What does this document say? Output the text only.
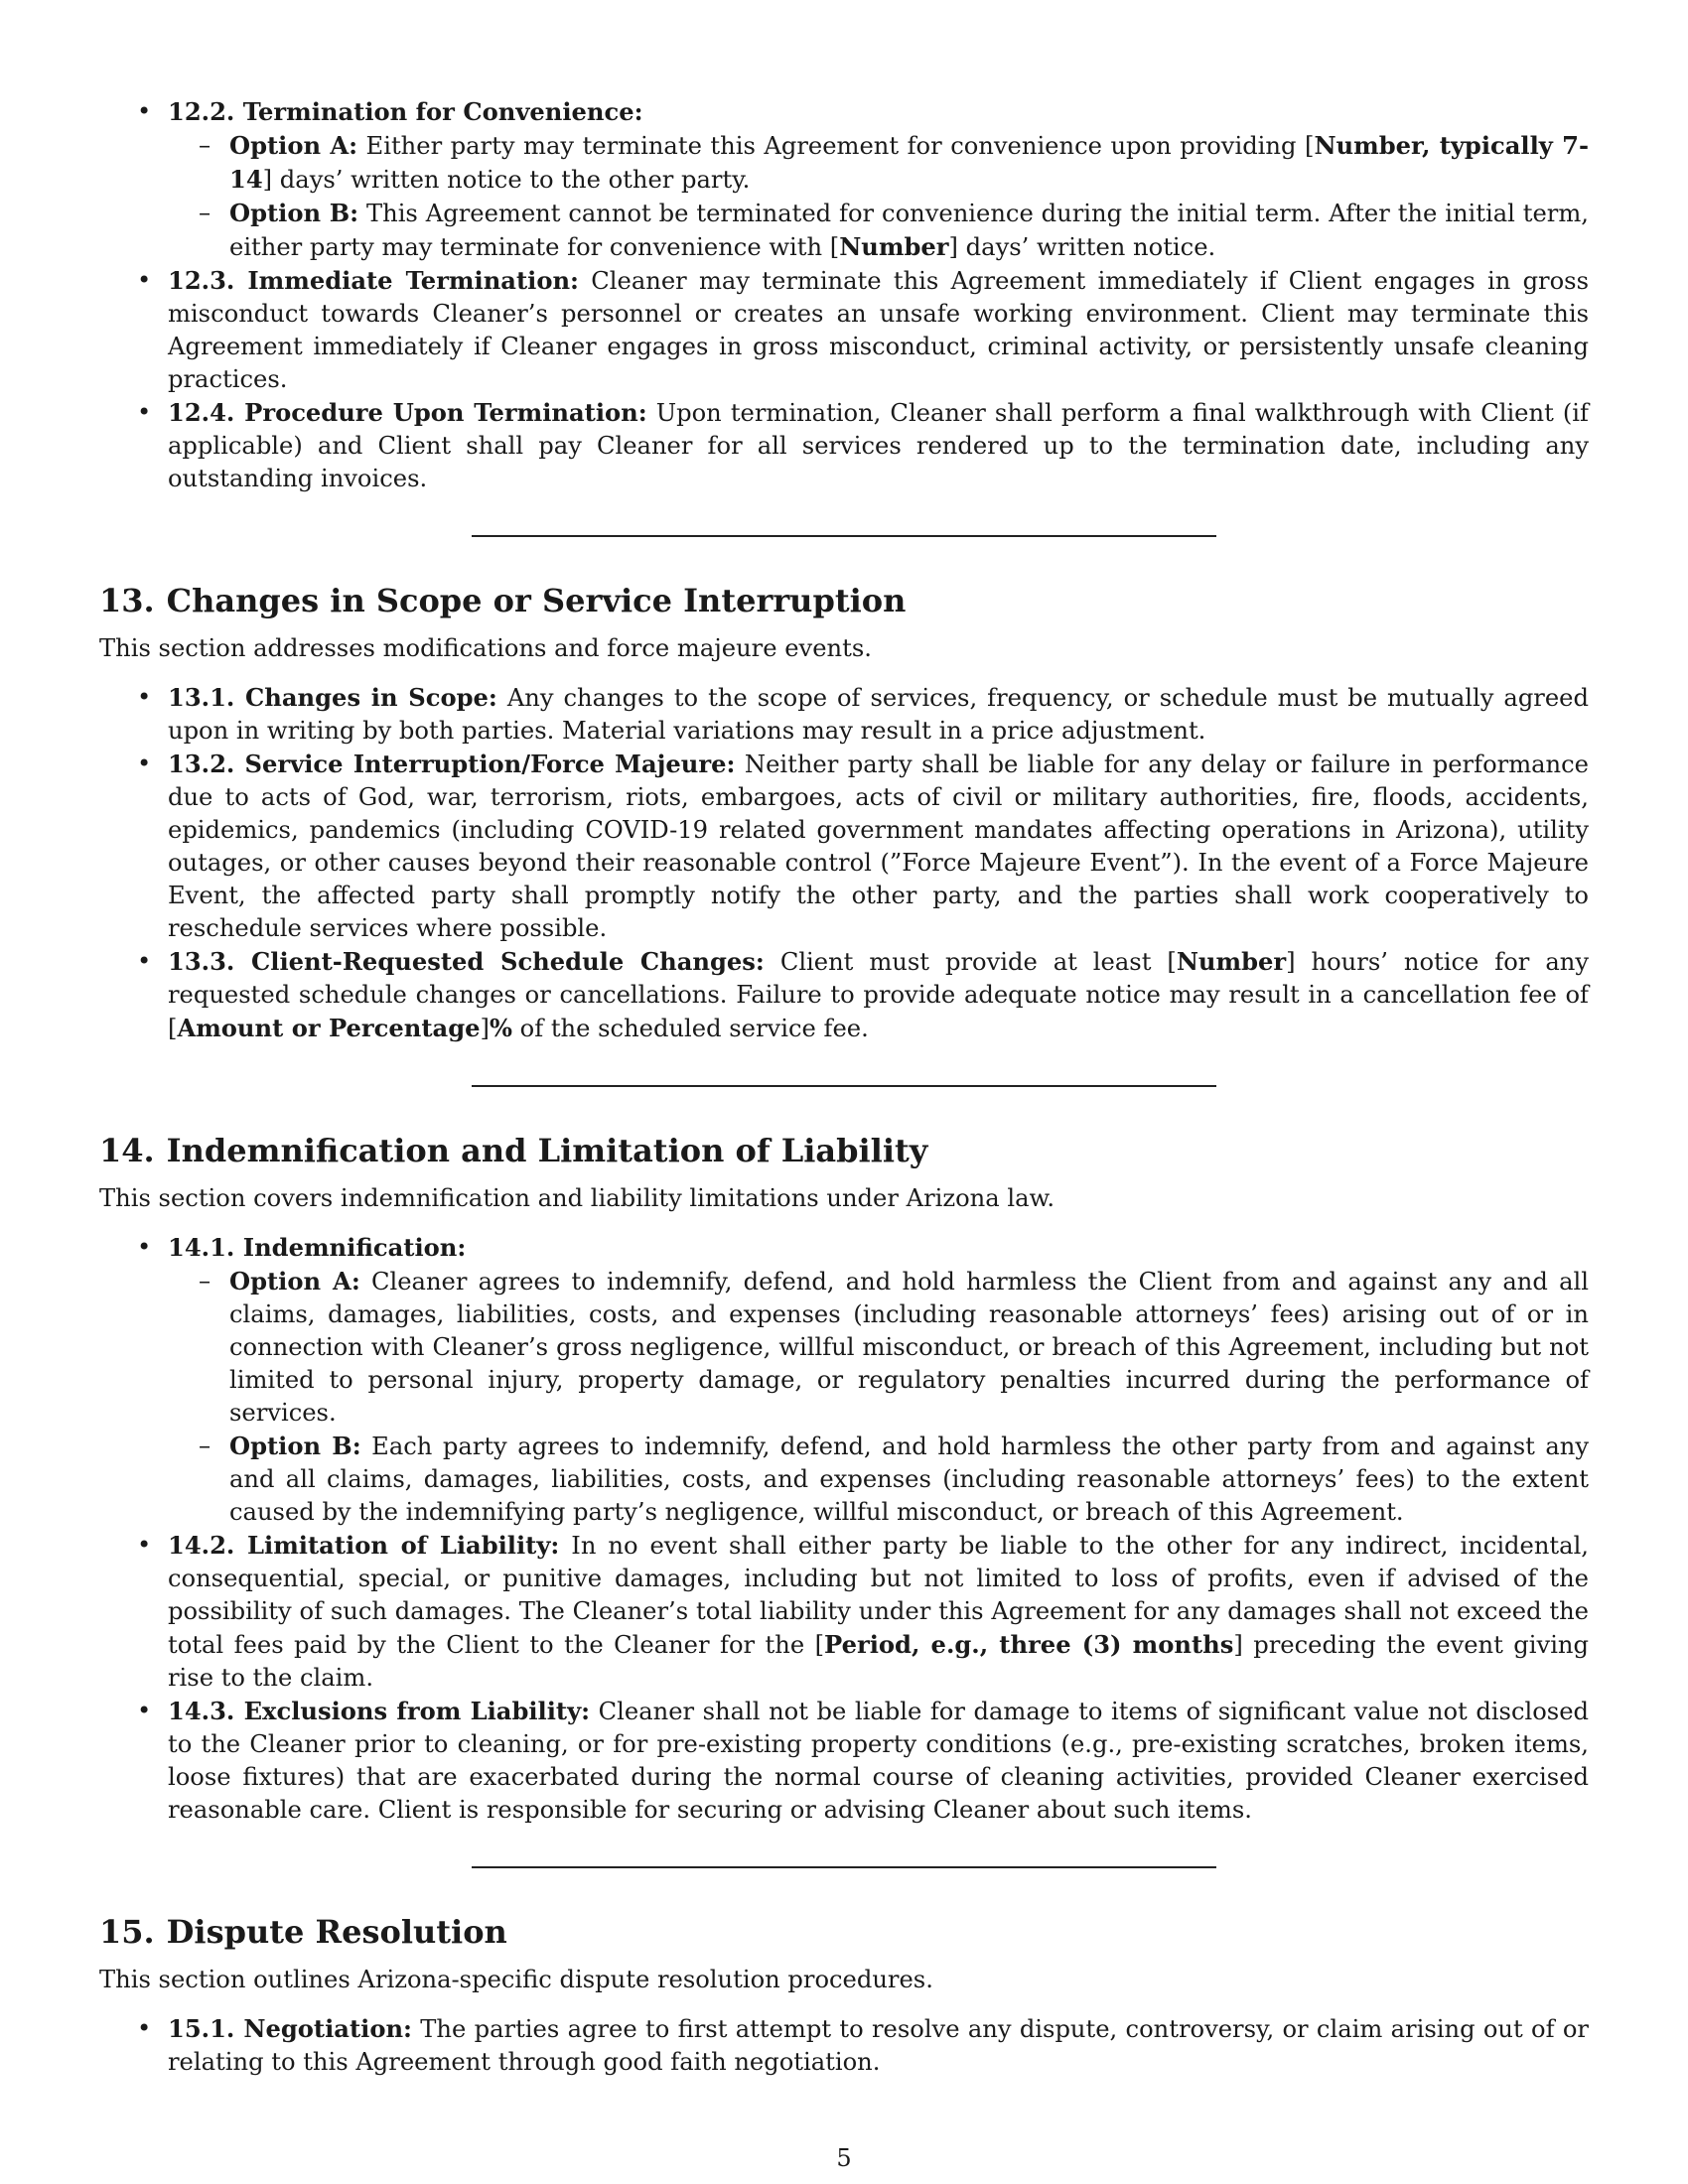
• 12.2. Termination for Convenience:
– Option A: Either party may terminate this Agreement for convenience upon providing [Number, typically 7-14] days’ written notice to the other party.
– Option B: This Agreement cannot be terminated for convenience during the initial term. After the initial term, either party may terminate for convenience with [Number] days’ written notice.
• 12.3. Immediate Termination: Cleaner may terminate this Agreement immediately if Client engages in gross misconduct towards Cleaner’s personnel or creates an unsafe working environment. Client may terminate this Agreement immediately if Cleaner engages in gross misconduct, criminal activity, or persistently unsafe cleaning practices.
• 12.4. Procedure Upon Termination: Upon termination, Cleaner shall perform a final walkthrough with Client (if applicable) and Client shall pay Cleaner for all services rendered up to the termination date, including any outstanding invoices.
13. Changes in Scope or Service Interruption

This section addresses modifications and force majeure events.

• 13.1. Changes in Scope: Any changes to the scope of services, frequency, or schedule must be mutually agreed upon in writing by both parties. Material variations may result in a price adjustment.
• 13.2. Service Interruption/Force Majeure: Neither party shall be liable for any delay or failure in performance due to acts of God, war, terrorism, riots, embargoes, acts of civil or military authorities, fire, floods, accidents, epidemics, pandemics (including COVID-19 related government mandates affecting operations in Arizona), utility outages, or other causes beyond their reasonable control (”Force Majeure Event”). In the event of a Force Majeure Event, the affected party shall promptly notify the other party, and the parties shall work cooperatively to reschedule services where possible.
• 13.3. Client-Requested Schedule Changes: Client must provide at least [Number] hours’ notice for any requested schedule changes or cancellations. Failure to provide adequate notice may result in a cancellation fee of [Amount or Percentage]% of the scheduled service fee.
14. Indemnification and Limitation of Liability

This section covers indemnification and liability limitations under Arizona law.

• 14.1. Indemnification:
– Option A: Cleaner agrees to indemnify, defend, and hold harmless the Client from and against any and all claims, damages, liabilities, costs, and expenses (including reasonable attorneys’ fees) arising out of or in connection with Cleaner’s gross negligence, willful misconduct, or breach of this Agreement, including but not limited to personal injury, property damage, or regulatory penalties incurred during the performance of services.
– Option B: Each party agrees to indemnify, defend, and hold harmless the other party from and against any and all claims, damages, liabilities, costs, and expenses (including reasonable attorneys’ fees) to the extent caused by the indemnifying party’s negligence, willful misconduct, or breach of this Agreement.
• 14.2. Limitation of Liability: In no event shall either party be liable to the other for any indirect, incidental, consequential, special, or punitive damages, including but not limited to loss of profits, even if advised of the possibility of such damages. The Cleaner’s total liability under this Agreement for any damages shall not exceed the total fees paid by the Client to the Cleaner for the [Period, e.g., three (3) months] preceding the event giving rise to the claim.
• 14.3. Exclusions from Liability: Cleaner shall not be liable for damage to items of significant value not disclosed to the Cleaner prior to cleaning, or for pre-existing property conditions (e.g., pre-existing scratches, broken items, loose fixtures) that are exacerbated during the normal course of cleaning activities, provided Cleaner exercised reasonable care. Client is responsible for securing or advising Cleaner about such items.
15. Dispute Resolution

This section outlines Arizona-specific dispute resolution procedures.

• 15.1. Negotiation: The parties agree to first attempt to resolve any dispute, controversy, or claim arising out of or relating to this Agreement through good faith negotiation.
5
